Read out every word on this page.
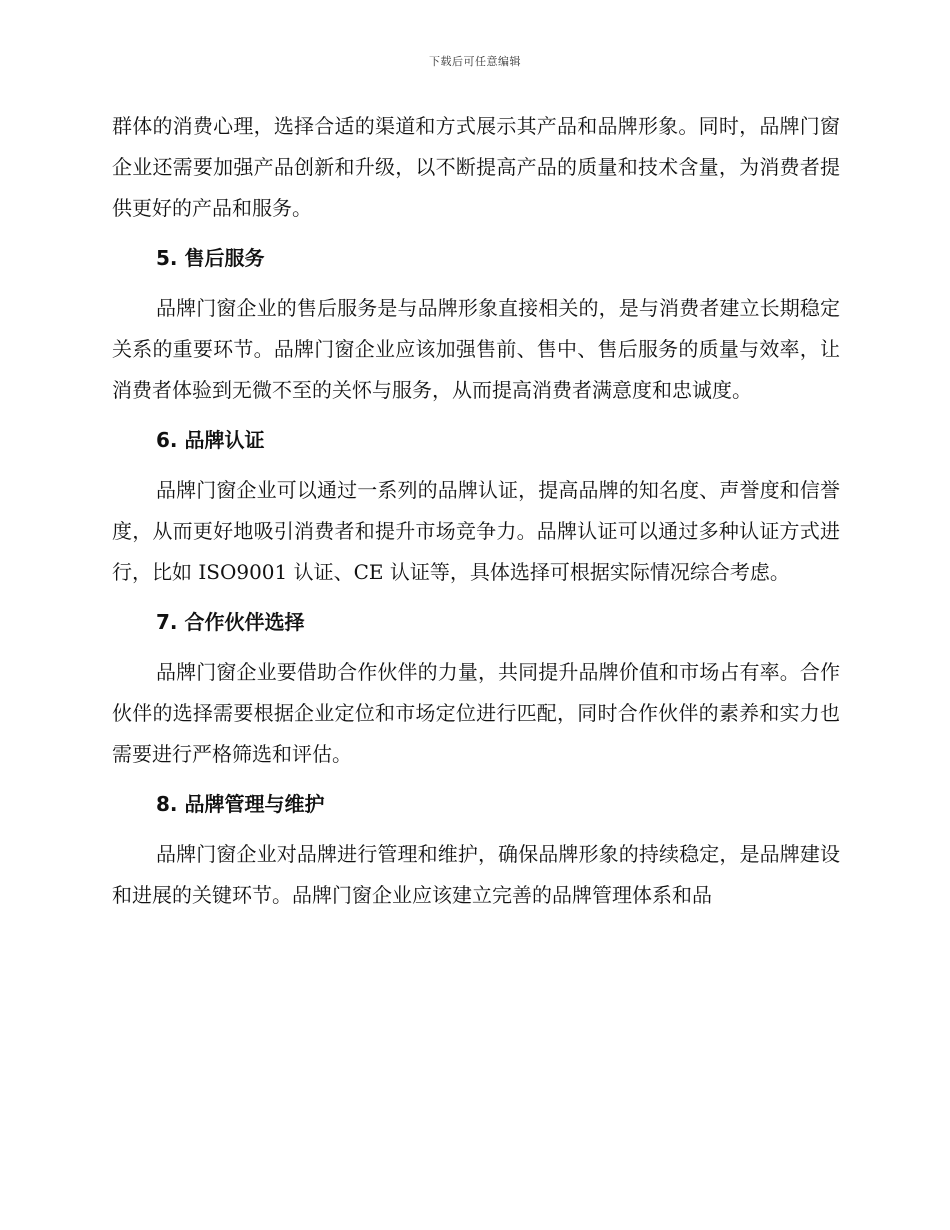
下载后可任意编辑

群体的消费心理，选择合适的渠道和方式展示其产品和品牌形象。同时，品牌门窗企业还需要加强产品创新和升级，以不断提高产品的质量和技术含量，为消费者提供更好的产品和服务。

5. 售后服务

品牌门窗企业的售后服务是与品牌形象直接相关的，是与消费者建立长期稳定关系的重要环节。品牌门窗企业应该加强售前、售中、售后服务的质量与效率，让消费者体验到无微不至的关怀与服务，从而提高消费者满意度和忠诚度。

6. 品牌认证

品牌门窗企业可以通过一系列的品牌认证，提高品牌的知名度、声誉度和信誉度，从而更好地吸引消费者和提升市场竞争力。品牌认证可以通过多种认证方式进行，比如 ISO9001 认证、CE 认证等，具体选择可根据实际情况综合考虑。

7. 合作伙伴选择

品牌门窗企业要借助合作伙伴的力量，共同提升品牌价值和市场占有率。合作伙伴的选择需要根据企业定位和市场定位进行匹配，同时合作伙伴的素养和实力也需要进行严格筛选和评估。

8. 品牌管理与维护

品牌门窗企业对品牌进行管理和维护，确保品牌形象的持续稳定，是品牌建设和进展的关键环节。品牌门窗企业应该建立完善的品牌管理体系和品
